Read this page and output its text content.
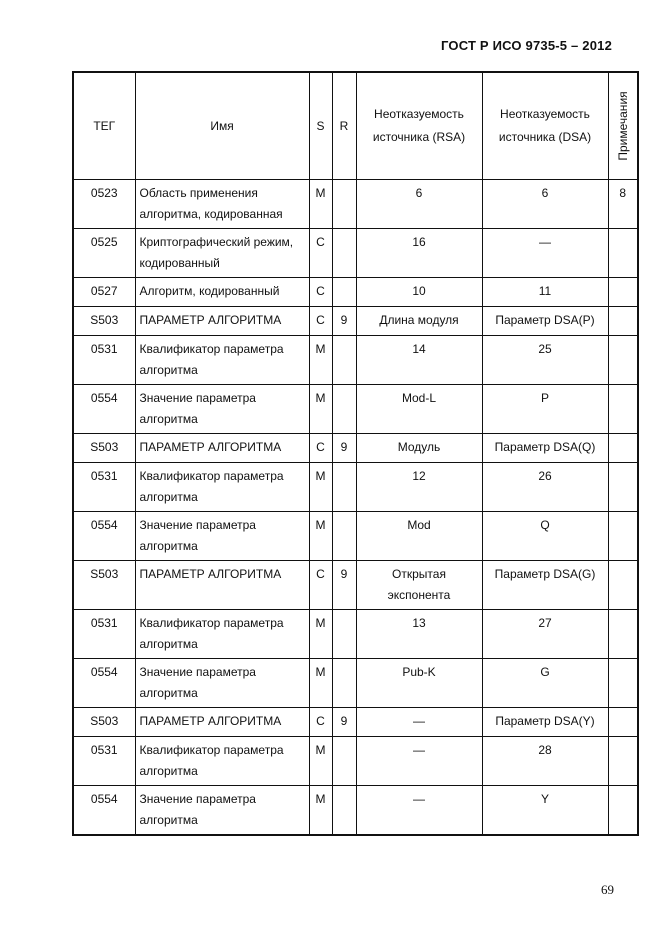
ГОСТ Р ИСО 9735-5 – 2012
ТЕГ	Имя	S	R	Неотказуемость источника (RSA)	Неотказуемость источника (DSA)	Примечания

0523	Область применения алгоритма, кодированная	M		6	6	8
0525	Криптографический режим, кодированный	C		16	—	
0527	Алгоритм, кодированный	C		10	11	
S503	ПАРАМЕТР АЛГОРИТМА	C	9	Длина модуля	Параметр DSA(P)	
0531	Квалификатор параметра алгоритма	M		14	25	
0554	Значение параметра алгоритма	M		Mod-L	P	
S503	ПАРАМЕТР АЛГОРИТМА	C	9	Модуль	Параметр DSA(Q)	
0531	Квалификатор параметра алгоритма	M		12	26	
0554	Значение параметра алгоритма	M		Mod	Q	
S503	ПАРАМЕТР АЛГОРИТМА	C	9	Открытая экспонента	Параметр DSA(G)	
0531	Квалификатор параметра алгоритма	M		13	27	
0554	Значение параметра алгоритма	M		Pub-K	G	
S503	ПАРАМЕТР АЛГОРИТМА	C	9	—	Параметр DSA(Y)	
0531	Квалификатор параметра алгоритма	M		—	28	
0554	Значение параметра алгоритма	M		—	Y	
69
